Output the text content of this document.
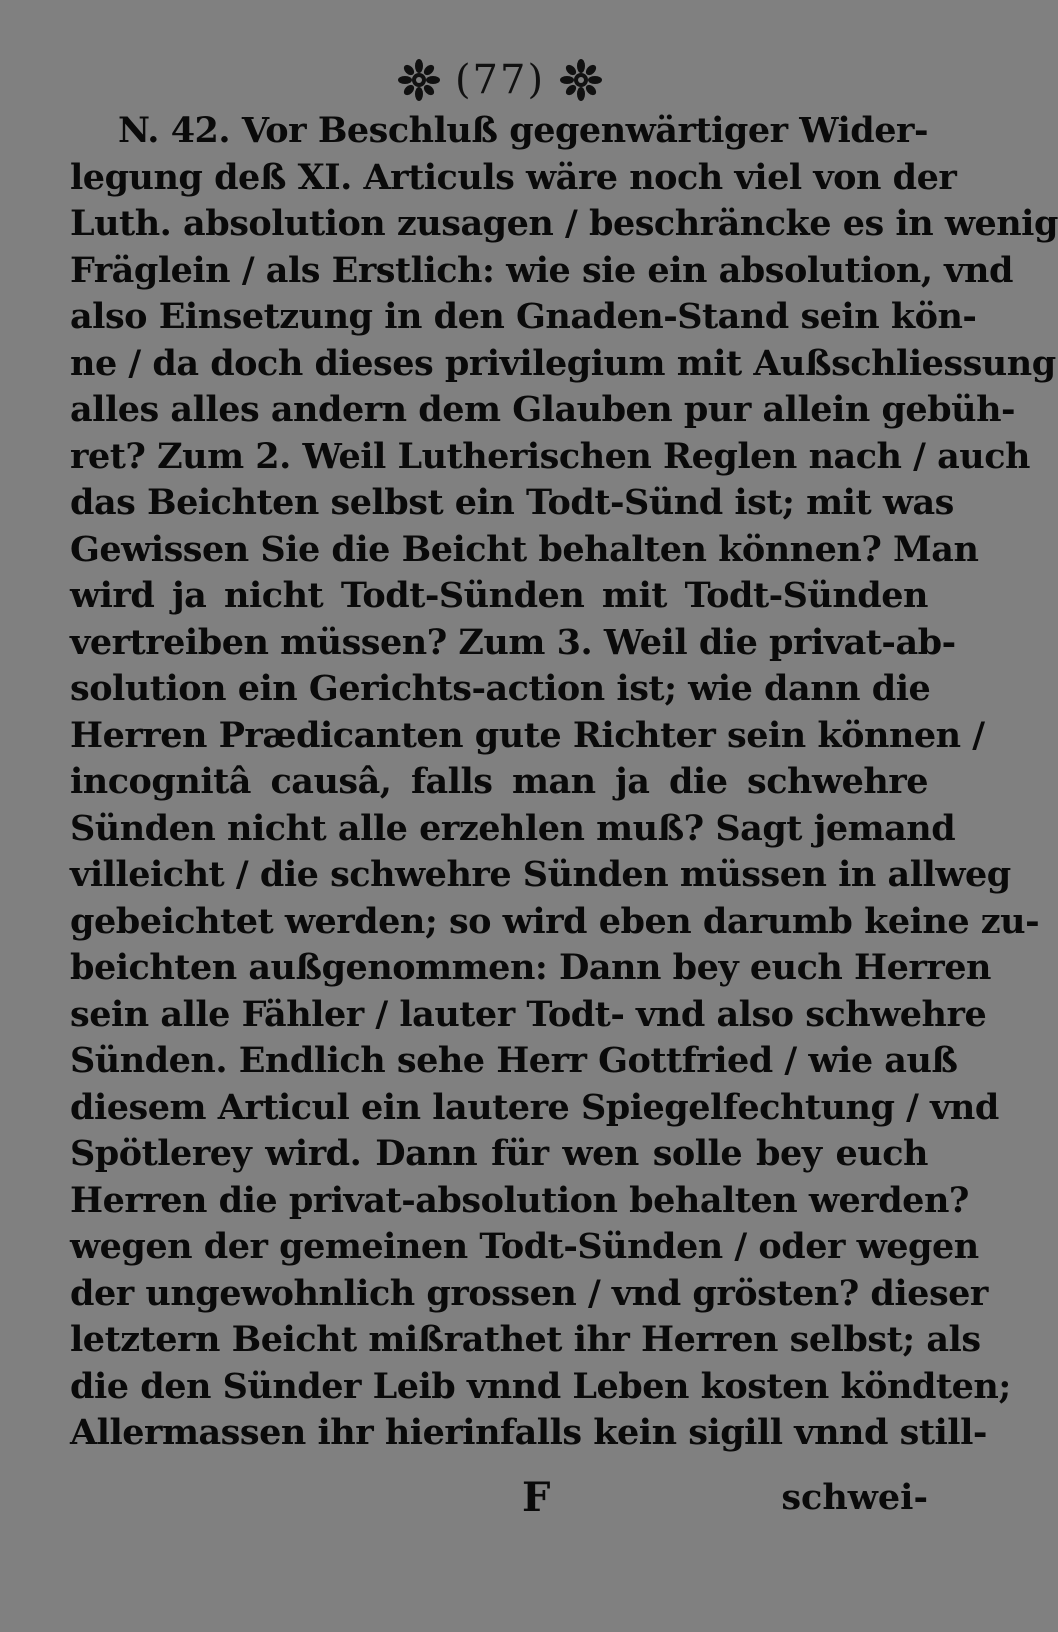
(77)
N. 42. Vor Beschluß gegenwärtiger Wider-
legung deß XI. Articuls wäre noch viel von der
Luth. absolution zusagen / beschräncke es in wenig
Fräglein / als Erstlich: wie sie ein absolution, vnd
also Einsetzung in den Gnaden-Stand sein kön-
ne / da doch dieses privilegium mit Außschliessung
alles alles andern dem Glauben pur allein gebüh-
ret? Zum 2. Weil Lutherischen Reglen nach / auch
das Beichten selbst ein Todt-Sünd ist; mit was
Gewissen Sie die Beicht behalten können? Man
wird ja nicht Todt-Sünden mit Todt-Sünden
vertreiben müssen? Zum 3. Weil die privat-ab-
solution ein Gerichts-action ist; wie dann die
Herren Prædicanten gute Richter sein können /
incognitâ causâ, falls man ja die schwehre
Sünden nicht alle erzehlen muß? Sagt jemand
villeicht / die schwehre Sünden müssen in allweg
gebeichtet werden; so wird eben darumb keine zu-
beichten außgenommen: Dann bey euch Herren
sein alle Fähler / lauter Todt- vnd also schwehre
Sünden. Endlich sehe Herr Gottfried / wie auß
diesem Articul ein lautere Spiegelfechtung / vnd
Spötlerey wird. Dann für wen solle bey euch
Herren die privat-absolution behalten werden?
wegen der gemeinen Todt-Sünden / oder wegen
der ungewohnlich grossen / vnd grösten? dieser
letztern Beicht mißrathet ihr Herren selbst; als
die den Sünder Leib vnnd Leben kosten köndten;
Allermassen ihr hierinfalls kein sigill vnnd still-
F	schwei-
